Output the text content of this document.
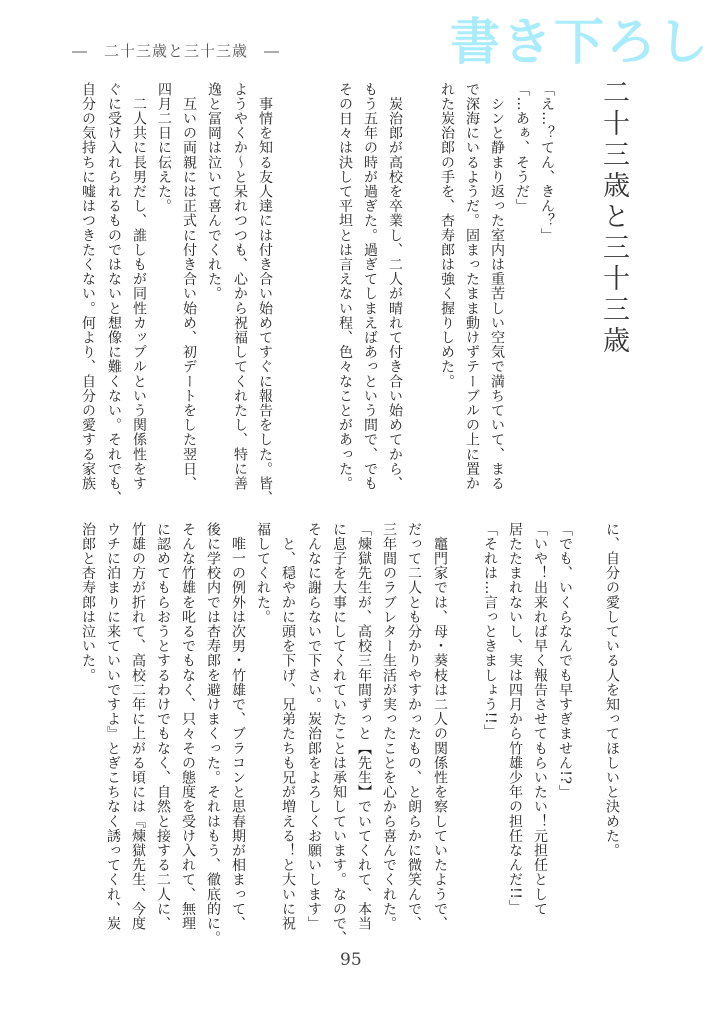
書き下ろし
―　二十三歳と三十三歳　―
二十三歳と三十三歳
「え…？てん、きん？」
「…あぁ、そうだ」
　シンと静まり返った室内は重苦しい空気で満ちていて、まる
で深海にいるようだ。固まったまま動けずテーブルの上に置か
れた炭治郎の手を、杏寿郎は強く握りしめた。
　炭治郎が高校を卒業し、二人が晴れて付き合い始めてから、
もう五年の時が過ぎた。過ぎてしまえばあっという間で、でも
その日々は決して平坦とは言えない程、色々なことがあった。
　事情を知る友人達には付き合い始めてすぐに報告をした。皆、
ようやくか～と呆れつつも、心から祝福してくれたし、特に善
逸と冨岡は泣いて喜んでくれた。
　互いの両親には正式に付き合い始め、初デートをした翌日、
四月二日に伝えた。
　二人共に長男だし、誰しもが同性カップルという関係性をす
ぐに受け入れられるものではないと想像に難くない。それでも、
自分の気持ちに嘘はつきたくない。何より、自分の愛する家族
に、自分の愛している人を知ってほしいと決めた。
「でも、いくらなんでも早すぎません!?」
「いや！出来れば早く報告させてもらいたい！元担任として
居たたまれないし、実は四月から竹雄少年の担任なんだ!!」
「それは…言っときましょう!!」
　竈門家では、母・葵枝は二人の関係性を察していたようで、
だって二人とも分かりやすかったもの、と朗らかに微笑んで、
三年間のラブレター生活が実ったことを心から喜んでくれた。
「煉獄先生が、高校三年間ずっと【先生】でいてくれて、本当
に息子を大事にしてくれていたことは承知しています。なので、
そんなに謝らないで下さい。炭治郎をよろしくお願いします」
　と、穏やかに頭を下げ、兄弟たちも兄が増える！と大いに祝
福してくれた。
　唯一の例外は次男・竹雄で、ブラコンと思春期が相まって、
後に学校内では杏寿郎を避けまくった。それはもう、徹底的に。
そんな竹雄を叱るでもなく、只々その態度を受け入れて、無理
に認めてもらおうとするわけでもなく、自然と接する二人に、
竹雄の方が折れて、高校二年に上がる頃には『煉獄先生、今度
ウチに泊まりに来ていいですよ』とぎこちなく誘ってくれ、炭
治郎と杏寿郎は泣いた。
95
